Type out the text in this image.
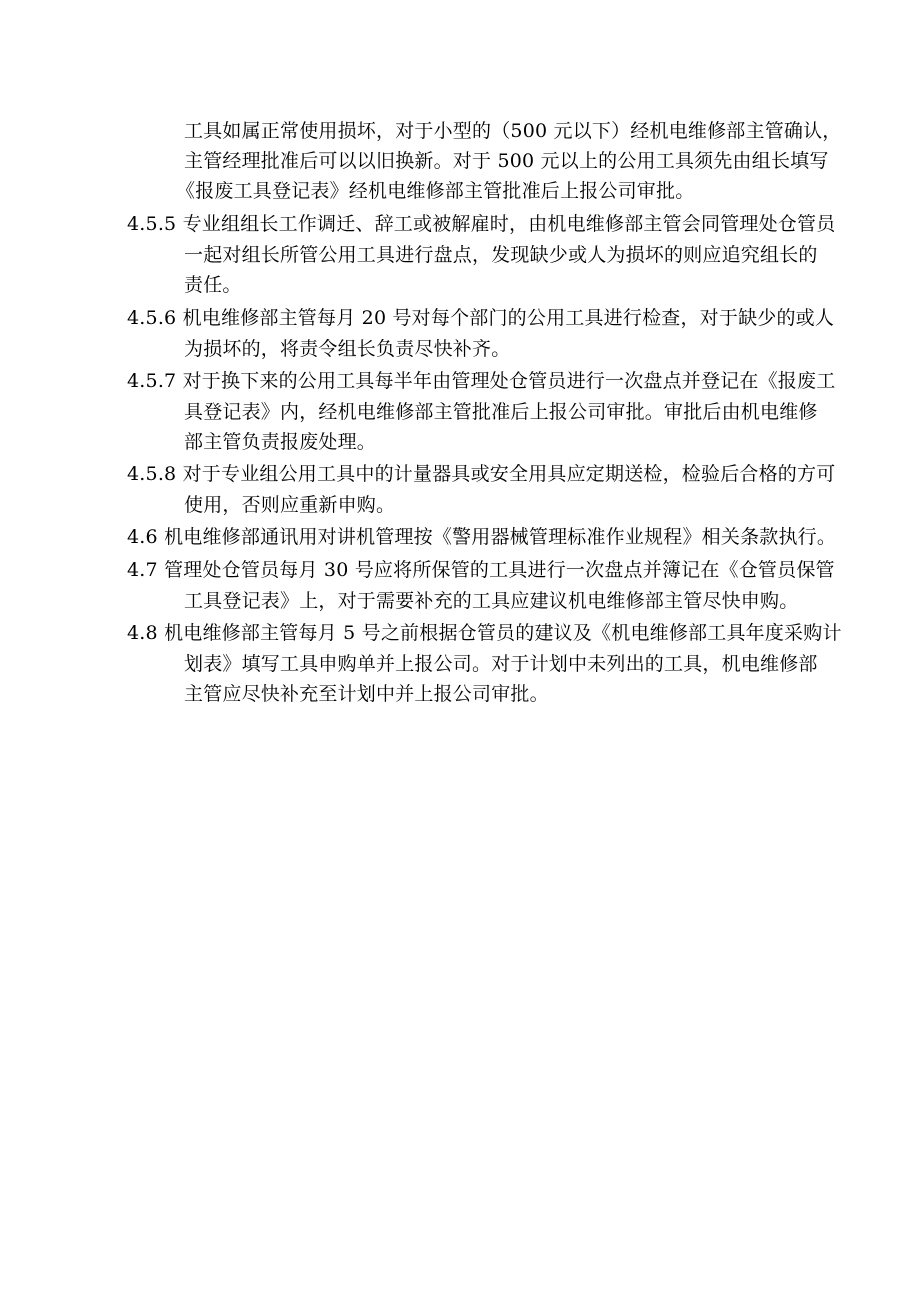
工具如属正常使用损坏，对于小型的（500 元以下）经机电维修部主管确认，
主管经理批准后可以以旧换新。对于 500 元以上的公用工具须先由组长填写
《报废工具登记表》经机电维修部主管批准后上报公司审批。
4.5.5 专业组组长工作调迁、辞工或被解雇时，由机电维修部主管会同管理处仓管员
一起对组长所管公用工具进行盘点，发现缺少或人为损坏的则应追究组长的
责任。
4.5.6 机电维修部主管每月 20 号对每个部门的公用工具进行检查，对于缺少的或人
为损坏的，将责令组长负责尽快补齐。
4.5.7 对于换下来的公用工具每半年由管理处仓管员进行一次盘点并登记在《报废工
具登记表》内，经机电维修部主管批准后上报公司审批。审批后由机电维修
部主管负责报废处理。
4.5.8 对于专业组公用工具中的计量器具或安全用具应定期送检，检验后合格的方可
使用，否则应重新申购。
4.6 机电维修部通讯用对讲机管理按《警用器械管理标准作业规程》相关条款执行。
4.7 管理处仓管员每月 30 号应将所保管的工具进行一次盘点并簿记在《仓管员保管
工具登记表》上，对于需要补充的工具应建议机电维修部主管尽快申购。
4.8 机电维修部主管每月 5 号之前根据仓管员的建议及《机电维修部工具年度采购计
划表》填写工具申购单并上报公司。对于计划中未列出的工具，机电维修部
主管应尽快补充至计划中并上报公司审批。
